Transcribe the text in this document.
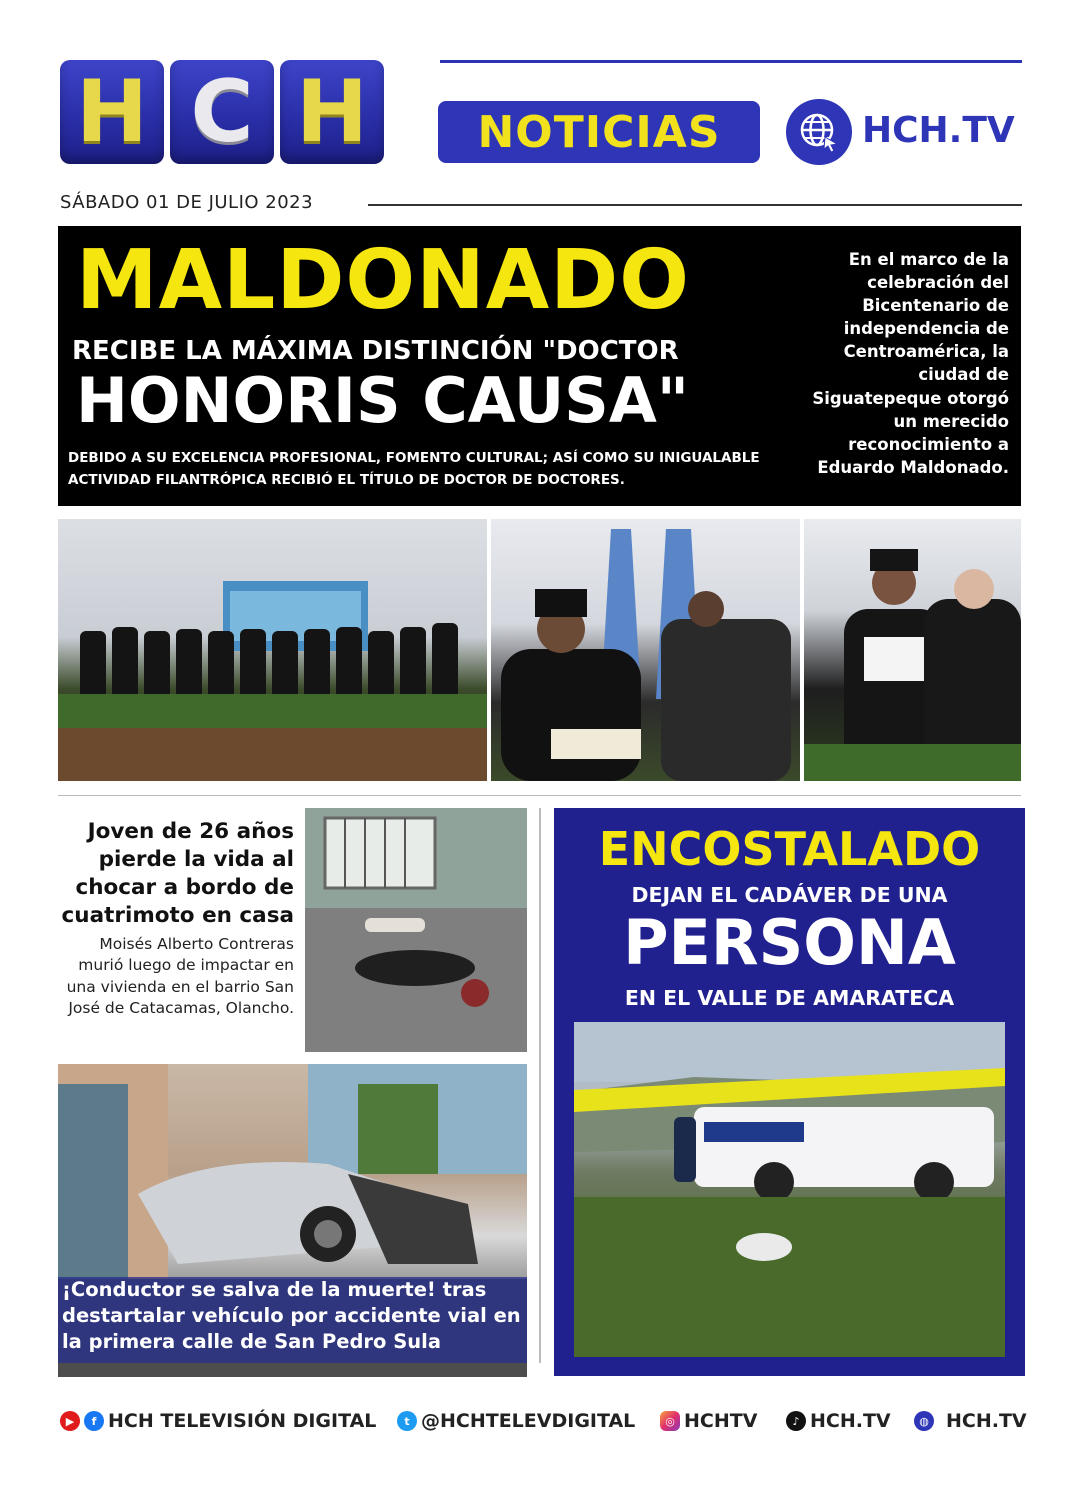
H C H	NOTICIAS	HCH.TV
SÁBADO 01 DE JULIO 2023
MALDONADO
RECIBE LA MÁXIMA DISTINCIÓN "DOCTOR
HONORIS CAUSA"
DEBIDO A SU EXCELENCIA PROFESIONAL, FOMENTO CULTURAL; ASÍ COMO SU INIGUALABLE ACTIVIDAD FILANTRÓPICA RECIBIÓ EL TÍTULO DE DOCTOR DE DOCTORES.
En el marco de la celebración del Bicentenario de independencia de Centroamérica, la ciudad de Siguatepeque otorgó un merecido reconocimiento a Eduardo Maldonado.
Joven de 26 años pierde la vida al chocar a bordo de cuatrimoto en casa
Moisés Alberto Contreras murió luego de impactar en una vivienda en el barrio San José de Catacamas, Olancho.
¡Conductor se salva de la muerte! tras destartalar vehículo por accidente vial en la primera calle de San Pedro Sula
ENCOSTALADO
DEJAN EL CADÁVER DE UNA
PERSONA
EN EL VALLE DE AMARATECA
▶	f HCH TELEVISIÓN DIGITAL	t @HCHTELEVDIGITAL	◎ HCHTV	♪ HCH.TV	◍ HCH.TV
